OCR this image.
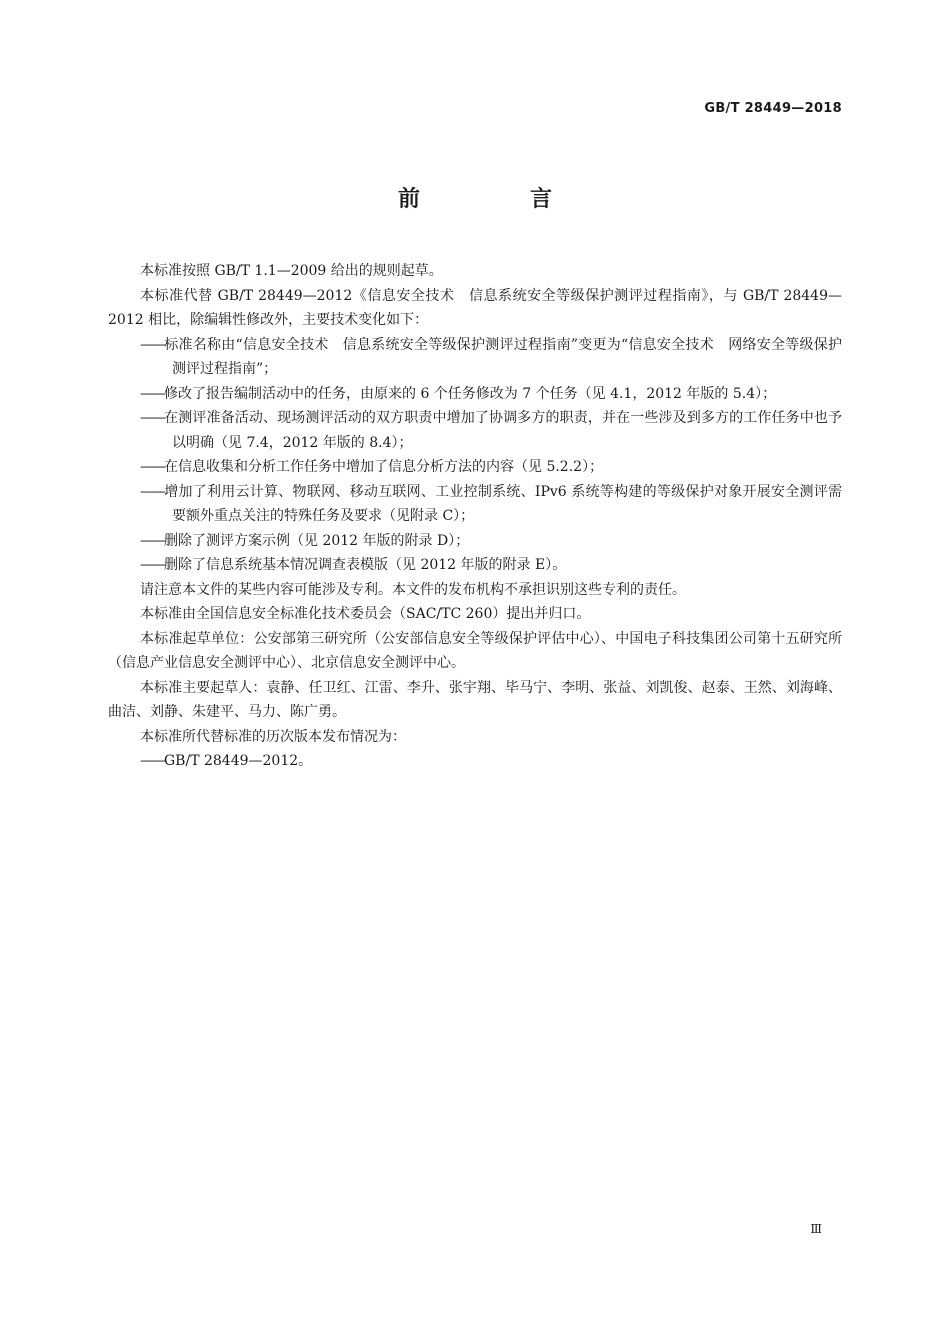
GB/T 28449—2018
前　言
本标准按照 GB/T 1.1—2009 给出的规则起草。
本标准代替 GB/T 28449—2012《信息安全技术　信息系统安全等级保护测评过程指南》，与 GB/T 28449—2012 相比，除编辑性修改外，主要技术变化如下：
——标准名称由“信息安全技术　信息系统安全等级保护测评过程指南”变更为“信息安全技术　网络安全等级保护测评过程指南”；
——修改了报告编制活动中的任务，由原来的 6 个任务修改为 7 个任务（见 4.1，2012 年版的 5.4）；
——在测评准备活动、现场测评活动的双方职责中增加了协调多方的职责，并在一些涉及到多方的工作任务中也予以明确（见 7.4，2012 年版的 8.4）；
——在信息收集和分析工作任务中增加了信息分析方法的内容（见 5.2.2）；
——增加了利用云计算、物联网、移动互联网、工业控制系统、IPv6 系统等构建的等级保护对象开展安全测评需要额外重点关注的特殊任务及要求（见附录 C）；
——删除了测评方案示例（见 2012 年版的附录 D）；
——删除了信息系统基本情况调查表模版（见 2012 年版的附录 E）。
请注意本文件的某些内容可能涉及专利。本文件的发布机构不承担识别这些专利的责任。
本标准由全国信息安全标准化技术委员会（SAC/TC 260）提出并归口。
本标准起草单位：公安部第三研究所（公安部信息安全等级保护评估中心）、中国电子科技集团公司第十五研究所（信息产业信息安全测评中心）、北京信息安全测评中心。
本标准主要起草人：袁静、任卫红、江雷、李升、张宇翔、毕马宁、李明、张益、刘凯俊、赵泰、王然、刘海峰、曲洁、刘静、朱建平、马力、陈广勇。
本标准所代替标准的历次版本发布情况为：
——GB/T 28449—2012。
Ⅲ
